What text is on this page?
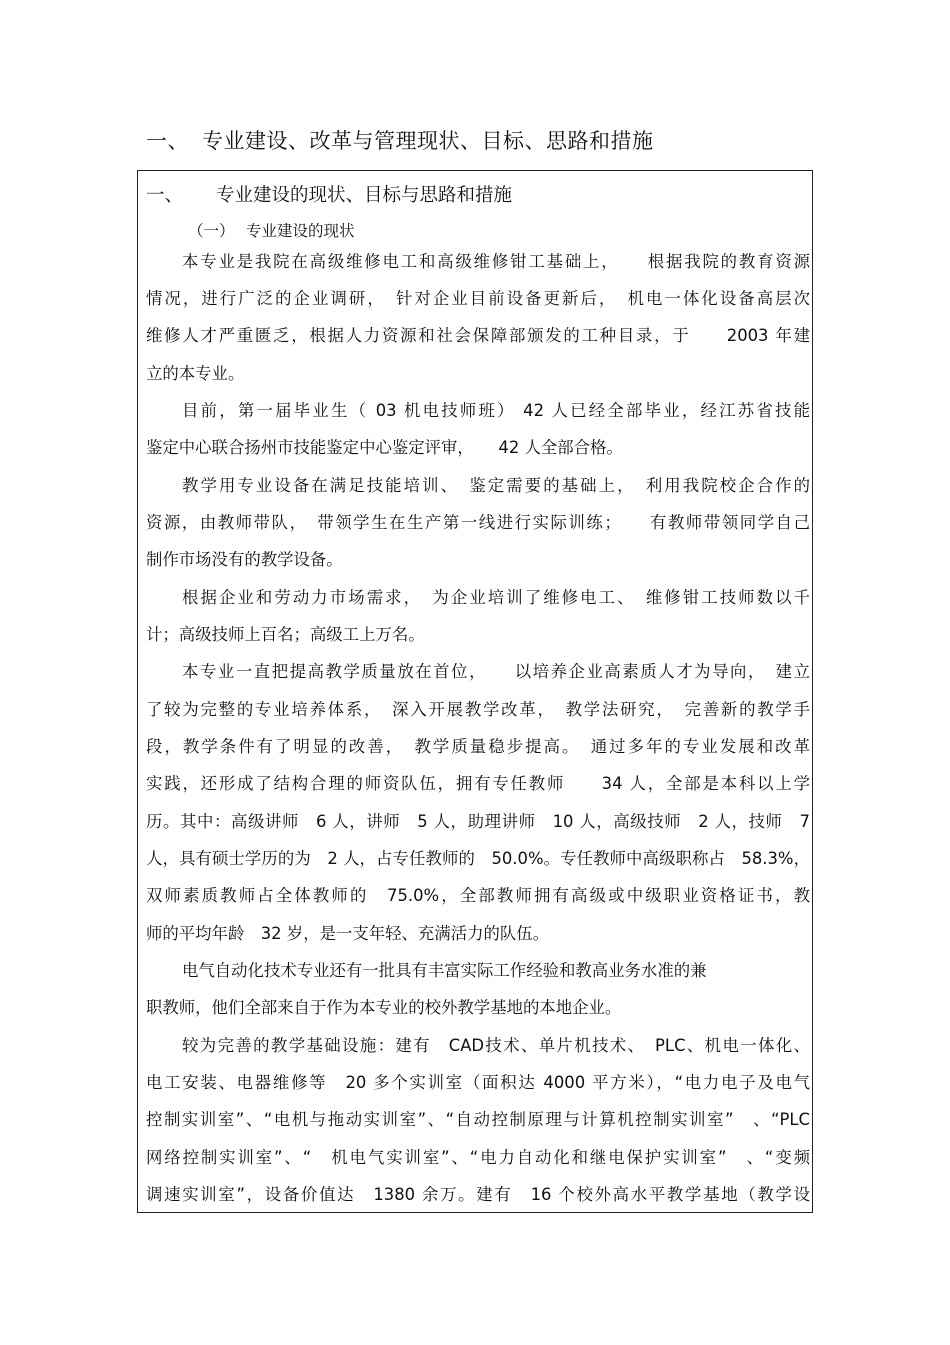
一、 专业建设、改革与管理现状、目标、思路和措施
一、 专业建设的现状、目标与思路和措施
（一） 专业建设的现状
本专业是我院在高级维修电工和高级维修钳工基础上，　　根据我院的教育资源
情况，进行广泛的企业调研，　针对企业目前设备更新后，　机电一体化设备高层次
维修人才严重匮乏，根据人力资源和社会保障部颁发的工种目录，于　　2003 年建
立的本专业。
目前，第一届毕业生（ 03 机电技师班） 42 人已经全部毕业，经江苏省技能
鉴定中心联合扬州市技能鉴定中心鉴定评审，　　42 人全部合格。
教学用专业设备在满足技能培训、　鉴定需要的基础上，　利用我院校企合作的
资源，由教师带队，　带领学生在生产第一线进行实际训练；　　有教师带领同学自己
制作市场没有的教学设备。
根据企业和劳动力市场需求，　为企业培训了维修电工、　维修钳工技师数以千
计；高级技师上百名；高级工上万名。
本专业一直把提高教学质量放在首位，　　以培养企业高素质人才为导向，　建立
了较为完整的专业培养体系，　深入开展教学改革，　教学法研究，　完善新的教学手
段，教学条件有了明显的改善，　教学质量稳步提高。　通过多年的专业发展和改革
实践，还形成了结构合理的师资队伍，拥有专任教师　　34 人，全部是本科以上学
历。其中：高级讲师　6 人，讲师　5 人，助理讲师　10 人，高级技师　2 人，技师　7
人，具有硕士学历的为　2 人，占专任教师的　50.0%。专任教师中高级职称占　58.3%，
双师素质教师占全体教师的　75.0%，全部教师拥有高级或中级职业资格证书，教
师的平均年龄　32 岁，是一支年轻、充满活力的队伍。
电气自动化技术专业还有一批具有丰富实际工作经验和教高业务水准的兼
职教师，他们全部来自于作为本专业的校外教学基地的本地企业。
较为完善的教学基础设施：建有　CAD技术、单片机技术、　PLC、机电一体化、
电工安装、电器维修等　20 多个实训室（面积达 4000 平方米），“电力电子及电气
控制实训室”、“电机与拖动实训室”、“自动控制原理与计算机控制实训室”　、“PLC
网络控制实训室”、“　机电气实训室”、“电力自动化和继电保护实训室”　、“变频
调速实训室”，设备价值达　1380 余万。建有　16 个校外高水平教学基地（教学设
